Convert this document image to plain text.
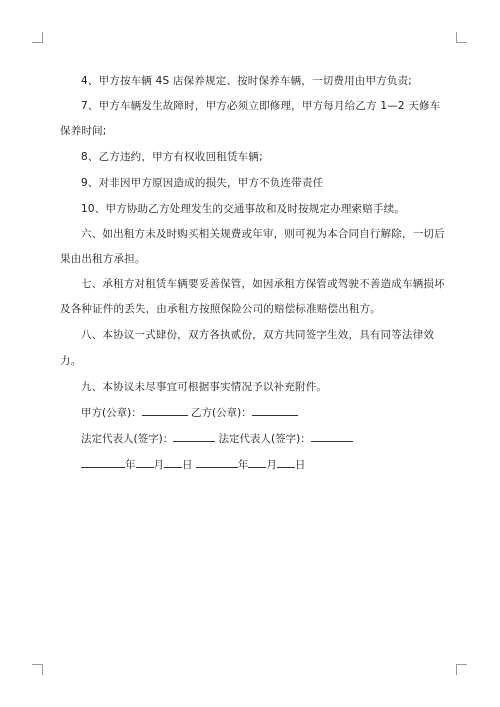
4、甲方按车辆 4S 店保养规定、按时保养车辆，一切费用由甲方负责;

7、甲方车辆发生故障时，甲方必须立即修理，甲方每月给乙方 1—2 天修车保养时间;

8、乙方违约，甲方有权收回租赁车辆;

9、对非因甲方原因造成的损失，甲方不负连带责任

10、甲方协助乙方处理发生的交通事故和及时按规定办理索赔手续。

六、如出租方未及时购买相关规费或年审，则可视为本合同自行解除，一切后果由出租方承担。

七、承租方对租赁车辆要妥善保管，如因承租方保管或驾驶不善造成车辆损坏及各种证件的丢失，由承租方按照保险公司的赔偿标准赔偿出租方。

八、本协议一式肆份，双方各执贰份，双方共同签字生效，具有同等法律效力。

九、本协议未尽事宜可根据事实情况予以补充附件。

甲方(公章)：	乙方(公章)：

法定代表人(签字)：	法定代表人(签字)：

年 月 日	年 月 日
